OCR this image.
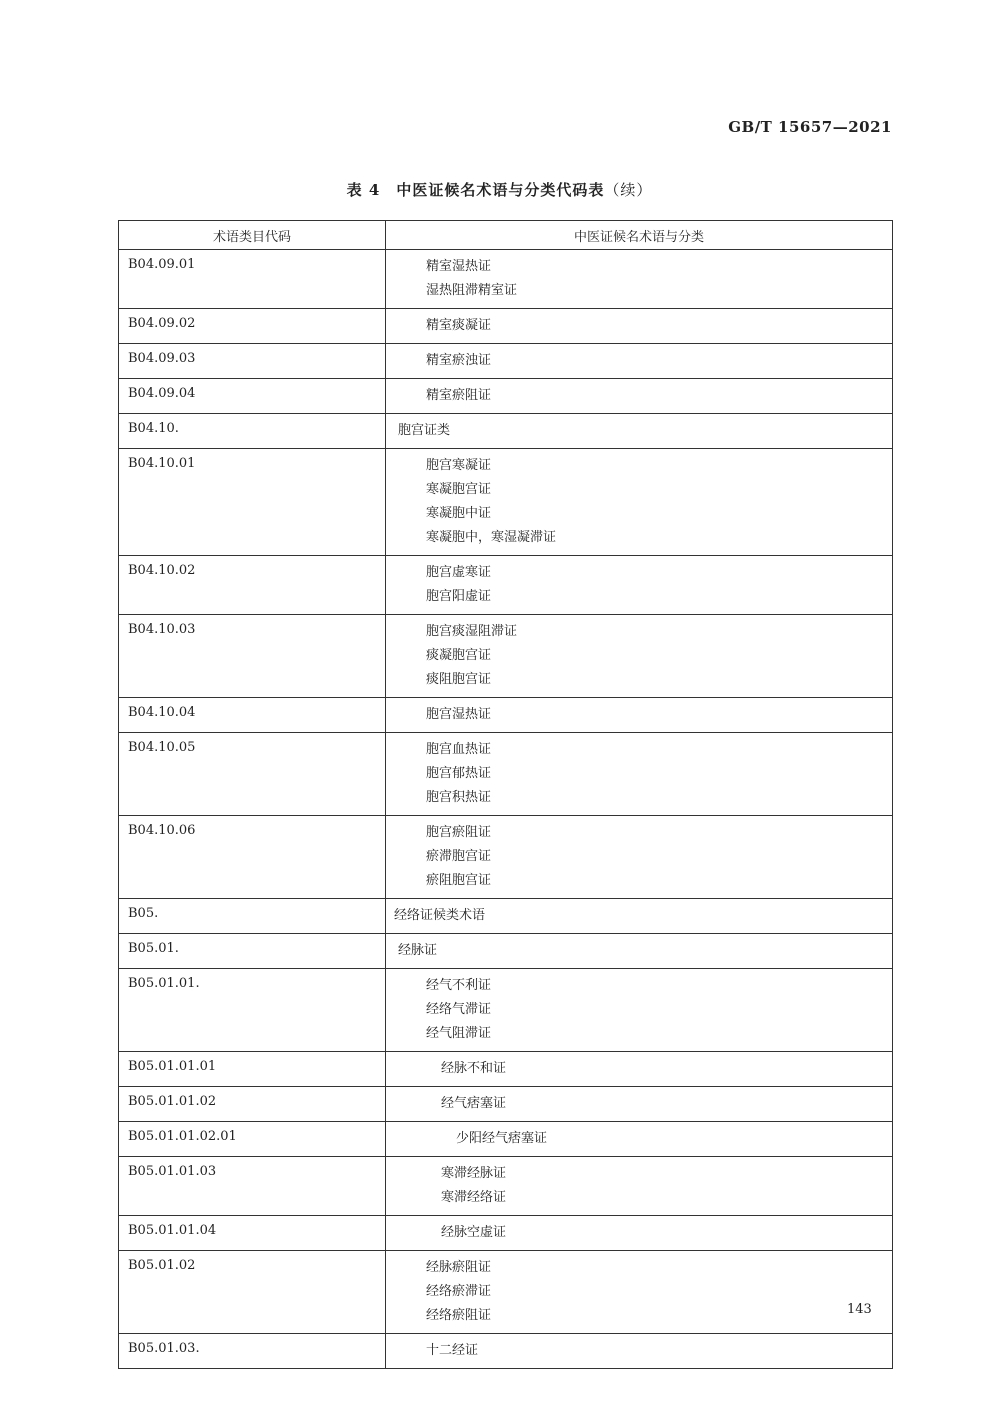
GB/T 15657—2021
表 4　中医证候名术语与分类代码表（续）
术语类目代码	中医证候名术语与分类
B04.09.01	精室湿热证
湿热阻滞精室证

B04.09.02	精室痰凝证

B04.09.03	精室瘀浊证

B04.09.04	精室瘀阻证

B04.10.	胞宫证类

B04.10.01	胞宫寒凝证
寒凝胞宫证
寒凝胞中证
寒凝胞中，寒湿凝滞证

B04.10.02	胞宫虚寒证
胞宫阳虚证

B04.10.03	胞宫痰湿阻滞证
痰凝胞宫证
痰阻胞宫证

B04.10.04	胞宫湿热证

B04.10.05	胞宫血热证
胞宫郁热证
胞宫积热证

B04.10.06	胞宫瘀阻证
瘀滞胞宫证
瘀阻胞宫证

B05.	经络证候类术语

B05.01.	经脉证

B05.01.01.	经气不利证
经络气滞证
经气阻滞证

B05.01.01.01	经脉不和证

B05.01.01.02	经气痞塞证

B05.01.01.02.01	少阳经气痞塞证

B05.01.01.03	寒滞经脉证
寒滞经络证

B05.01.01.04	经脉空虚证

B05.01.02	经脉瘀阻证
经络瘀滞证
经络瘀阻证

B05.01.03.	十二经证
143
